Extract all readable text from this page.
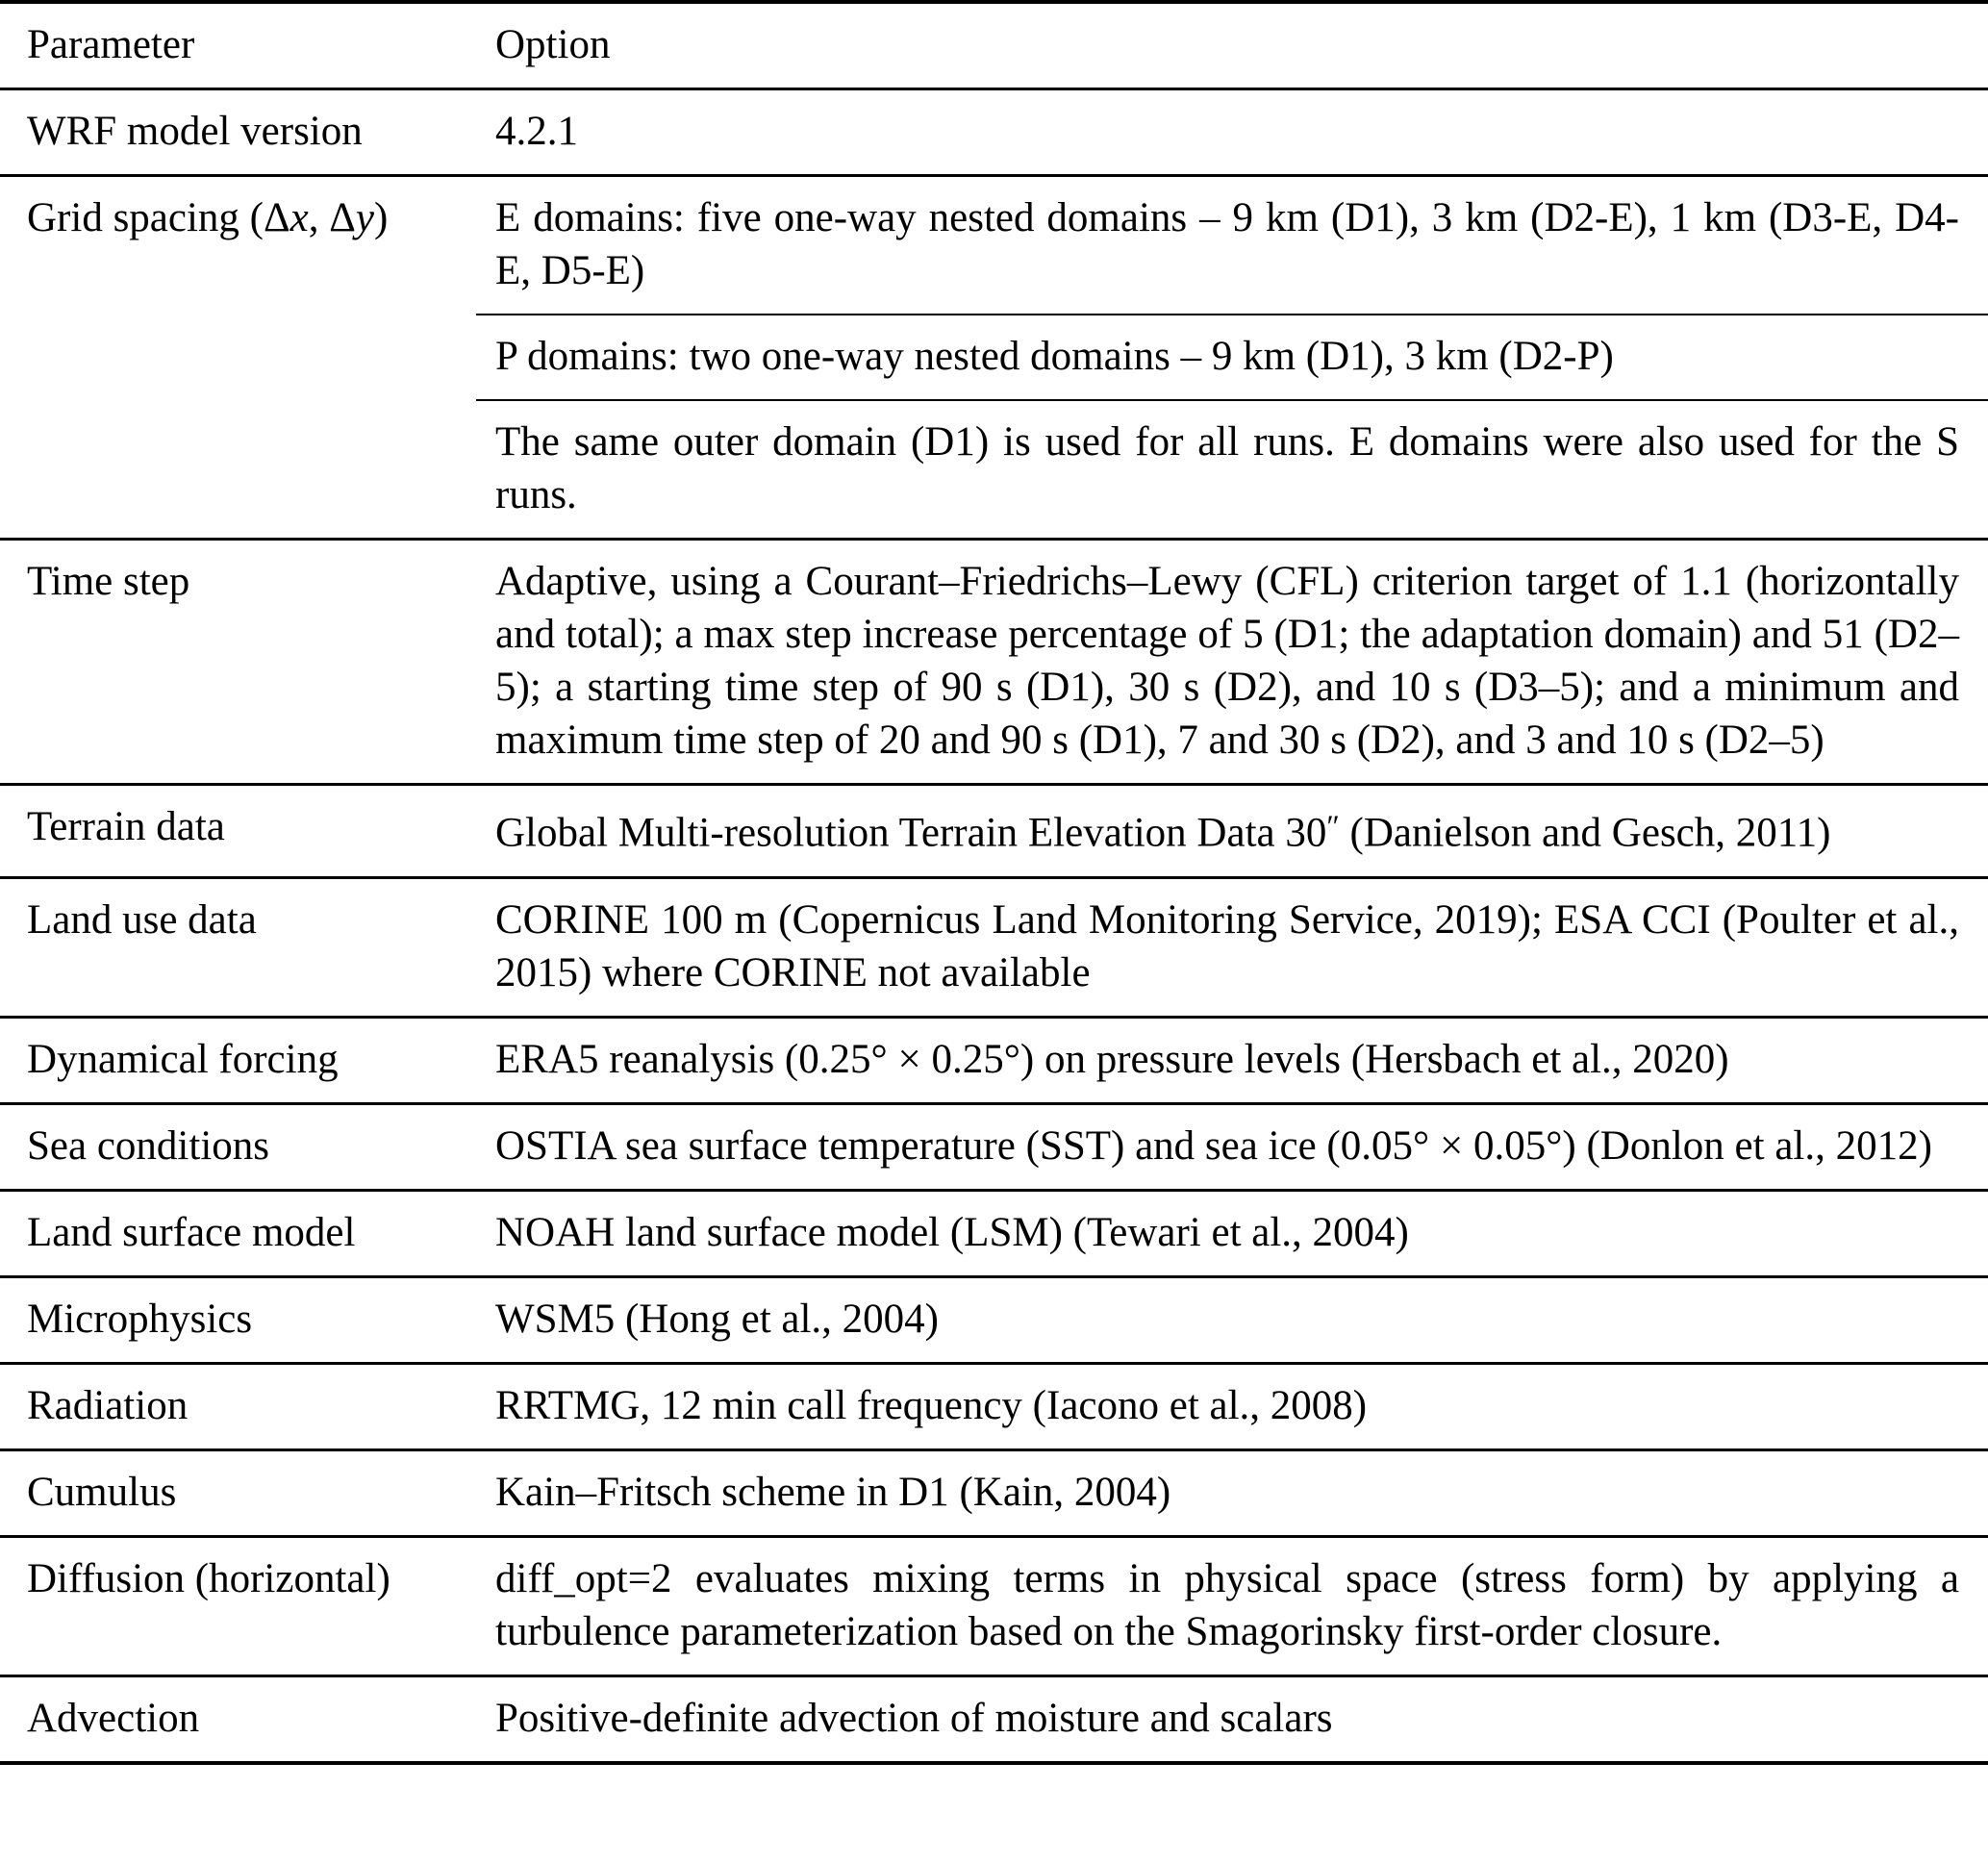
Parameter	Option
WRF model version	4.2.1
Grid spacing (Δx, Δy)	E domains: five one-way nested domains – 9 km (D1), 3 km (D2-E), 1 km (D3-E, D4-E, D5-E)
P domains: two one-way nested domains – 9 km (D1), 3 km (D2-P)
The same outer domain (D1) is used for all runs. E domains were also used for the S runs.
Time step	Adaptive, using a Courant–Friedrichs–Lewy (CFL) criterion target of 1.1 (horizontally and total); a max step increase percentage of 5 (D1; the adaptation domain) and 51 (D2–5); a starting time step of 90 s (D1), 30 s (D2), and 10 s (D3–5); and a minimum and maximum time step of 20 and 90 s (D1), 7 and 30 s (D2), and 3 and 10 s (D2–5)
Terrain data	Global Multi-resolution Terrain Elevation Data 30″ (Danielson and Gesch, 2011)
Land use data	CORINE 100 m (Copernicus Land Monitoring Service, 2019); ESA CCI (Poulter et al., 2015) where CORINE not available
Dynamical forcing	ERA5 reanalysis (0.25° × 0.25°) on pressure levels (Hersbach et al., 2020)
Sea conditions	OSTIA sea surface temperature (SST) and sea ice (0.05° × 0.05°) (Donlon et al., 2012)
Land surface model	NOAH land surface model (LSM) (Tewari et al., 2004)
Microphysics	WSM5 (Hong et al., 2004)
Radiation	RRTMG, 12 min call frequency (Iacono et al., 2008)
Cumulus	Kain–Fritsch scheme in D1 (Kain, 2004)
Diffusion (horizontal)	diff_opt=2 evaluates mixing terms in physical space (stress form) by applying a turbulence parameterization based on the Smagorinsky first-order closure.
Advection	Positive-definite advection of moisture and scalars
